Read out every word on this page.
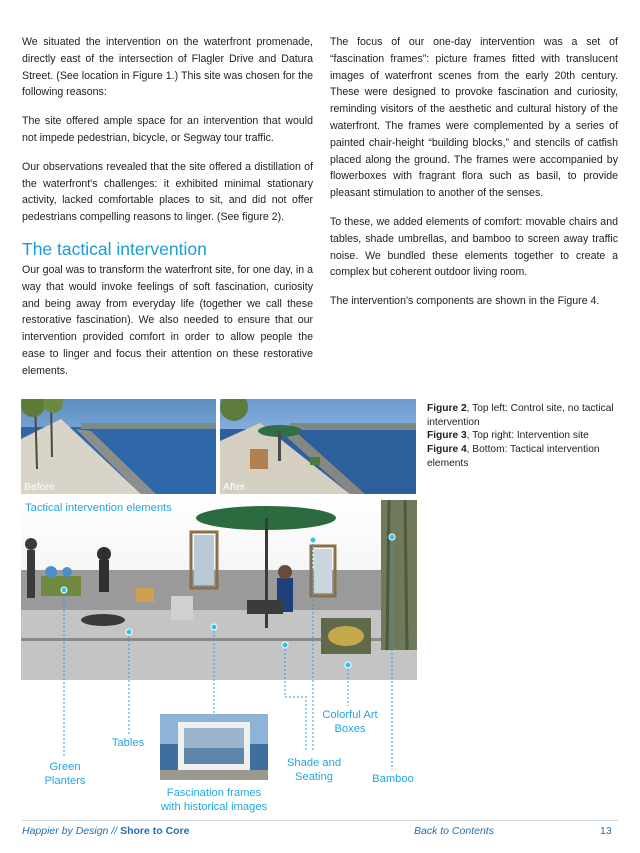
We situated the intervention on the waterfront promenade, directly east of the intersection of Flagler Drive and Datura Street. (See location in Figure 1.) This site was chosen for the following reasons:

The site offered ample space for an intervention that would not impede pedestrian, bicycle, or Segway tour traffic.

Our observations revealed that the site offered a distillation of the waterfront's challenges: it exhibited minimal stationary activity, lacked comfortable places to sit, and did not offer pedestrians compelling reasons to linger. (See figure 2).

The tactical intervention

Our goal was to transform the waterfront site, for one day, in a way that would invoke feelings of soft fascination, curiosity and being away from everyday life (together we call these restorative fascination). We also needed to ensure that our intervention provided comfort in order to allow people the ease to linger and focus their attention on these restorative elements.

The focus of our one-day intervention was a set of “fascination frames”: picture frames fitted with translucent images of waterfront scenes from the early 20th century. These were designed to provoke fascination and curiosity, reminding visitors of the aesthetic and cultural history of the waterfront. The frames were complemented by a series of painted chair-height “building blocks,” and stencils of catfish placed along the ground. The frames were accompanied by flowerboxes with fragrant flora such as basil, to provide pleasant stimulation to another of the senses.

To these, we added elements of comfort: movable chairs and tables, shade umbrellas, and bamboo to screen away traffic noise. We bundled these elements together to create a complex but coherent outdoor living room.

The intervention's components are shown in the Figure 4.

Before	After
Tactical intervention elements
Green
Planters
Tables
Fascination frames
with historical images
Shade and
Seating
Colorful Art
Boxes
Bamboo

Figure 2, Top left: Control site, no tactical intervention

Figure 3, Top right: Intervention site

Figure 4, Bottom: Tactical intervention elements

Happier by Design // Shore to Core	Back to Contents	13
